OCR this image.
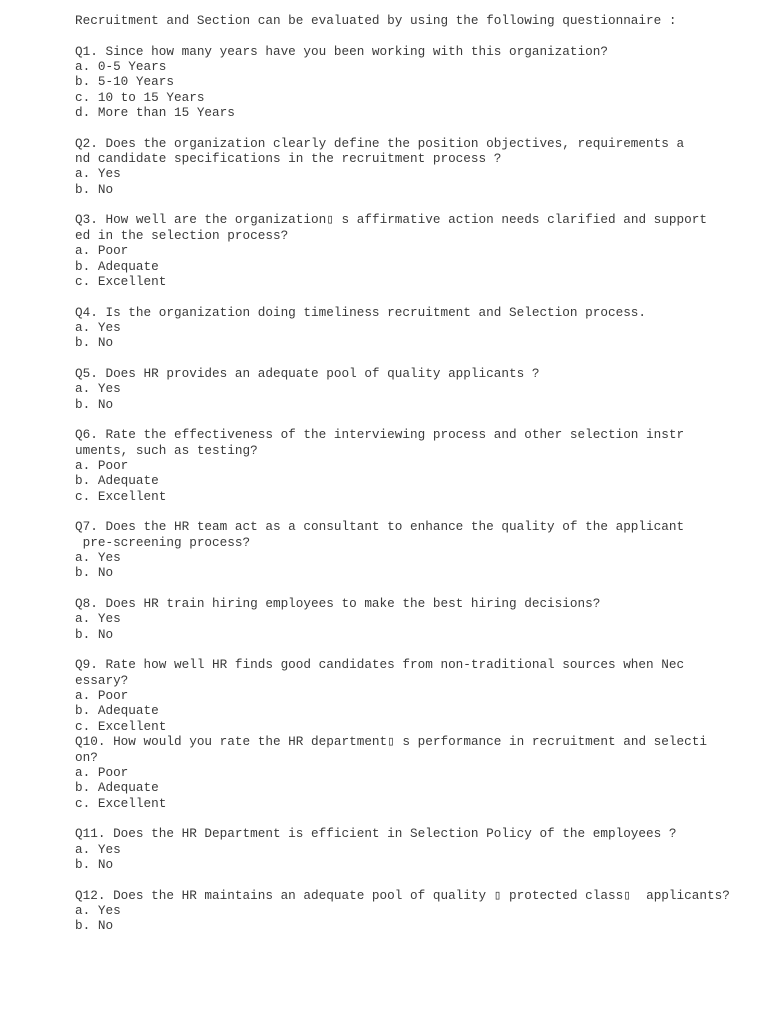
Recruitment and Section can be evaluated by using the following questionnaire :
Q1. Since how many years have you been working with this organization?
a. 0-5 Years
b. 5-10 Years
c. 10 to 15 Years
d. More than 15 Years
Q2. Does the organization clearly define the position objectives, requirements a
nd candidate specifications in the recruitment process ?
a. Yes
b. No
Q3. How well are the organization▯ s affirmative action needs clarified and support
ed in the selection process?
a. Poor
b. Adequate
c. Excellent
Q4. Is the organization doing timeliness recruitment and Selection process.
a. Yes
b. No
Q5. Does HR provides an adequate pool of quality applicants ?
a. Yes
b. No
Q6. Rate the effectiveness of the interviewing process and other selection instr
uments, such as testing?
a. Poor
b. Adequate
c. Excellent
Q7. Does the HR team act as a consultant to enhance the quality of the applicant
pre-screening process?
a. Yes
b. No
Q8. Does HR train hiring employees to make the best hiring decisions?
a. Yes
b. No
Q9. Rate how well HR finds good candidates from non-traditional sources when Nec
essary?
a. Poor
b. Adequate
c. Excellent
Q10. How would you rate the HR department▯ s performance in recruitment and selecti
on?
a. Poor
b. Adequate
c. Excellent
Q11. Does the HR Department is efficient in Selection Policy of the employees ?
a. Yes
b. No
Q12. Does the HR maintains an adequate pool of quality ▯ protected class▯  applicants?
a. Yes
b. No
